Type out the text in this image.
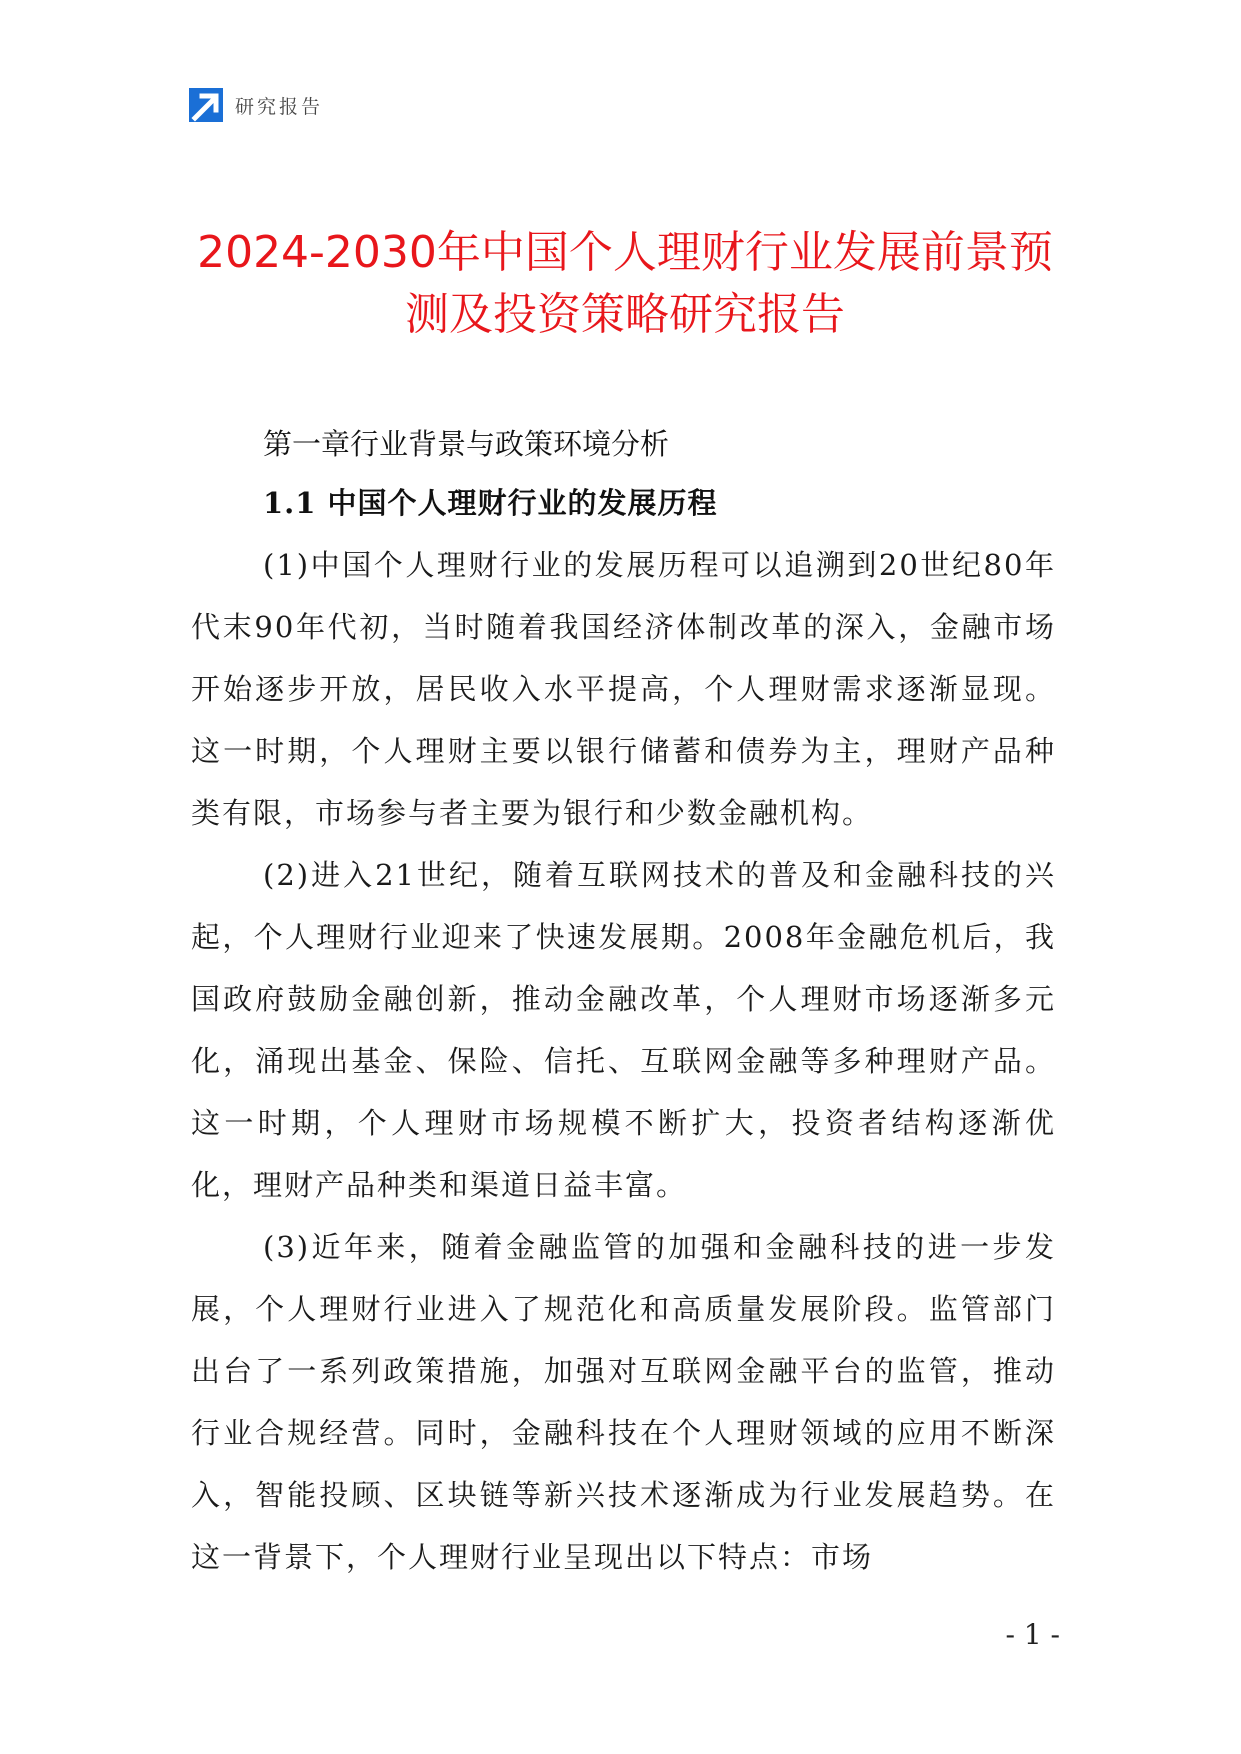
研究报告
2024-2030年中国个人理财行业发展前景预测及投资策略研究报告
第一章行业背景与政策环境分析
1.1 中国个人理财行业的发展历程

(1)中国个人理财行业的发展历程可以追溯到20世纪80年代末90年代初，当时随着我国经济体制改革的深入，金融市场开始逐步开放，居民收入水平提高，个人理财需求逐渐显现。这一时期，个人理财主要以银行储蓄和债券为主，理财产品种类有限，市场参与者主要为银行和少数金融机构。

(2)进入21世纪，随着互联网技术的普及和金融科技的兴起，个人理财行业迎来了快速发展期。2008年金融危机后，我国政府鼓励金融创新，推动金融改革，个人理财市场逐渐多元化，涌现出基金、保险、信托、互联网金融等多种理财产品。这一时期，个人理财市场规模不断扩大，投资者结构逐渐优化，理财产品种类和渠道日益丰富。

(3)近年来，随着金融监管的加强和金融科技的进一步发展，个人理财行业进入了规范化和高质量发展阶段。监管部门出台了一系列政策措施，加强对互联网金融平台的监管，推动行业合规经营。同时，金融科技在个人理财领域的应用不断深入，智能投顾、区块链等新兴技术逐渐成为行业发展趋势。在这一背景下，个人理财行业呈现出以下特点：市场

- 1 -
